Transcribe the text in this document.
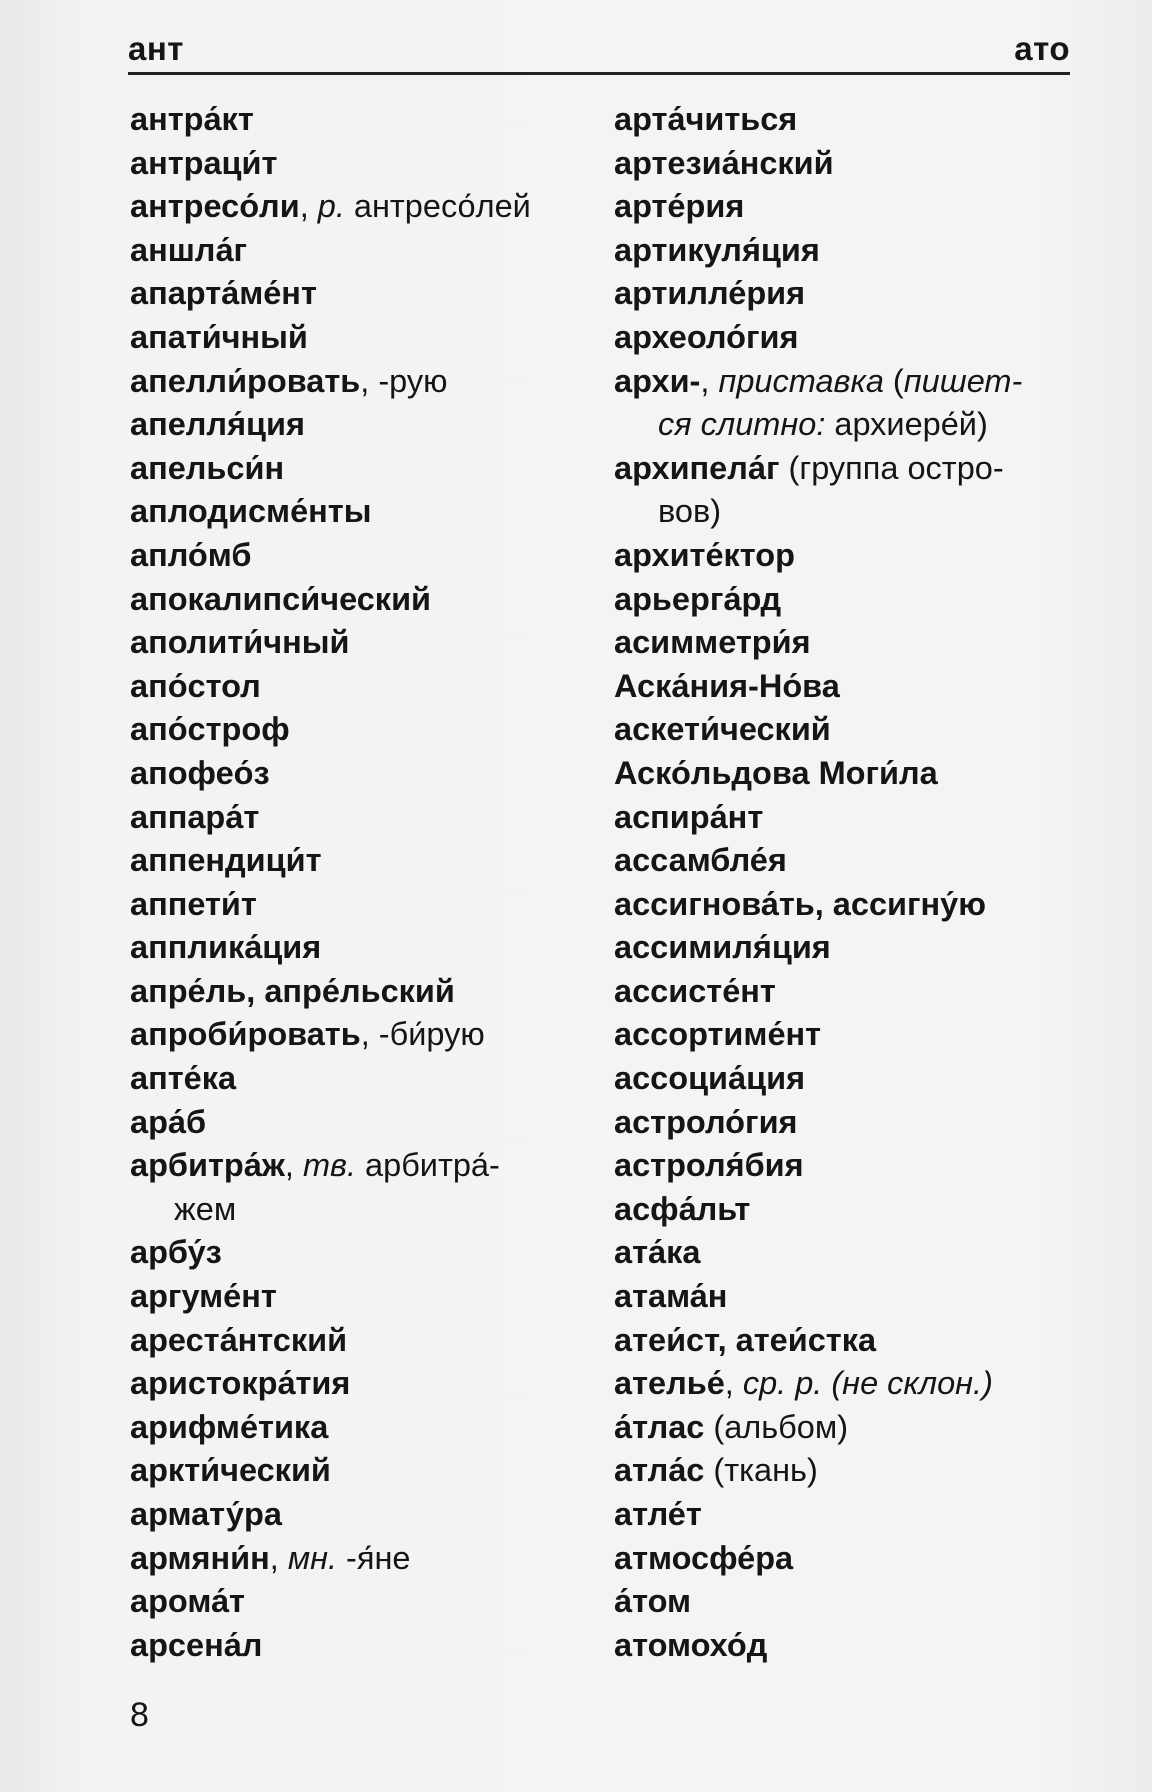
ант	ато
антра́кт
антраци́т
антресо́ли, р. антресо́лей
аншла́г
апарта́ме́нт
апати́чный
апелли́ровать, -рую
апелля́ция
апельси́н
аплодисме́нты
апло́мб
апокалипси́ческий
аполити́чный
апо́стол
апо́строф
апофео́з
аппара́т
аппендици́т
аппети́т
апплика́ция
апре́ль, апре́льский
апроби́ровать, -би́рую
апте́ка
ара́б
арбитра́ж, тв. арбитра́-
жем
арбу́з
аргуме́нт
ареста́нтский
аристокра́тия
арифме́тика
аркти́ческий
армату́ра
армяни́н, мн. -я́не
арома́т
арсена́л
арта́читься
артезиа́нский
арте́рия
артикуля́ция
артилле́рия
археоло́гия
архи-, приставка (пишет-
ся слитно: архиере́й)
архипела́г (группа остро-
вов)
архите́ктор
арьерга́рд
асимметри́я
Аска́ния-Но́ва
аскети́ческий
Аско́льдова Моги́ла
аспира́нт
ассамбле́я
ассигнова́ть, ассигну́ю
ассимиля́ция
ассисте́нт
ассортиме́нт
ассоциа́ция
астроло́гия
астроля́бия
асфа́льт
ата́ка
атама́н
атеи́ст, атеи́стка
ателье́, ср. р. (не склон.)
а́тлас (альбом)
атла́с (ткань)
атле́т
атмосфе́ра
а́том
атомохо́д
8
